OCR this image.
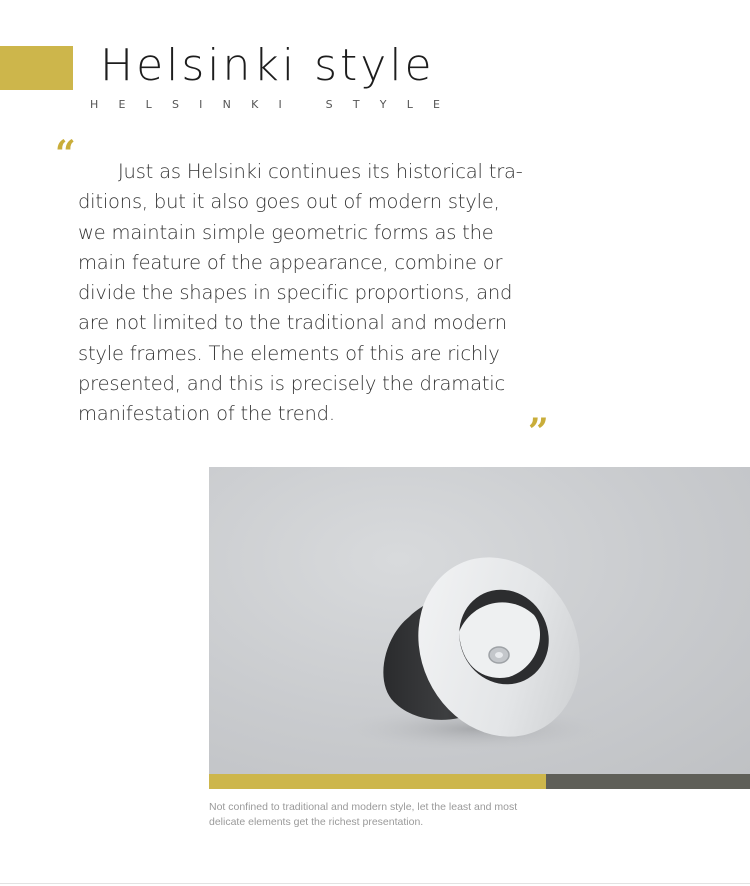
Helsinki style
H E L S I N K I
	S T Y L E
“	Just as Helsinki continues its historical tra-
ditions, but it also goes out of modern style,
we maintain simple geometric forms as the
main feature of the appearance, combine or
divide the shapes in specific proportions, and
are not limited to the traditional and modern
style frames. The elements of this are richly
presented, and this is precisely the dramatic
manifestation of the trend.	”
Not confined to traditional and modern style, let the least and most
delicate elements get the richest presentation.
